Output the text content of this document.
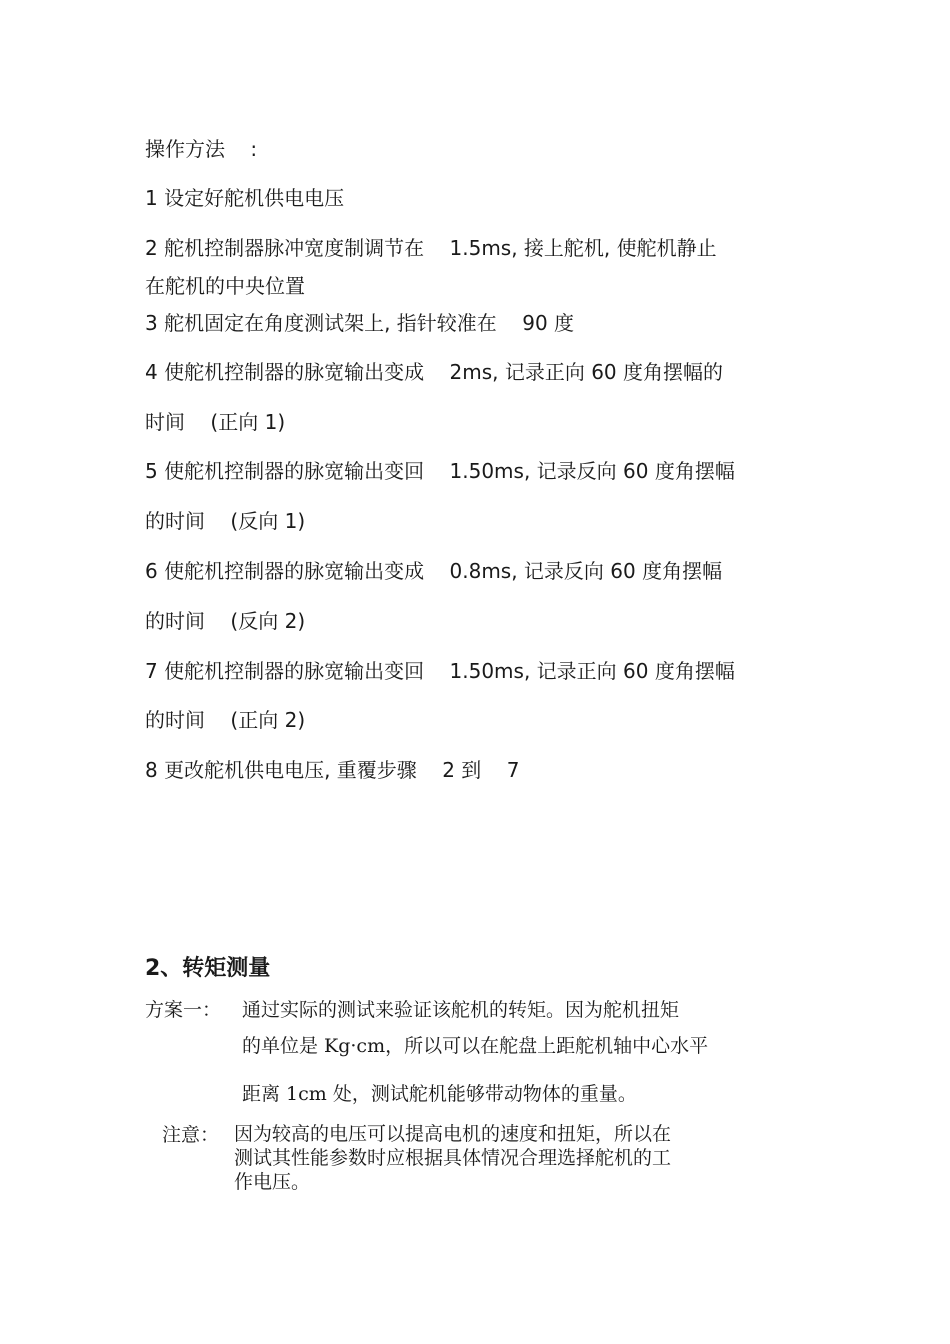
操作方法    :
1 设定好舵机供电电压
2 舵机控制器脉冲宽度制调节在    1.5ms, 接上舵机, 使舵机静止
在舵机的中央位置
3 舵机固定在角度测试架上, 指针较准在    90 度
4 使舵机控制器的脉宽输出变成    2ms, 记录正向 60 度角摆幅的
时间    (正向 1)
5 使舵机控制器的脉宽输出变回    1.50ms, 记录反向 60 度角摆幅
的时间    (反向 1)
6 使舵机控制器的脉宽输出变成    0.8ms, 记录反向 60 度角摆幅
的时间    (反向 2)
7 使舵机控制器的脉宽输出变回    1.50ms, 记录正向 60 度角摆幅
的时间    (正向 2)
8 更改舵机供电电压, 重覆步骤    2 到    7
2、转矩测量
方案一： 通过实际的测试来验证该舵机的转矩。因为舵机扭矩
的单位是 Kg·cm，所以可以在舵盘上距舵机轴中心水平
距离 1cm 处，测试舵机能够带动物体的重量。
注意： 因为较高的电压可以提高电机的速度和扭矩，所以在
测试其性能参数时应根据具体情况合理选择舵机的工
作电压。
